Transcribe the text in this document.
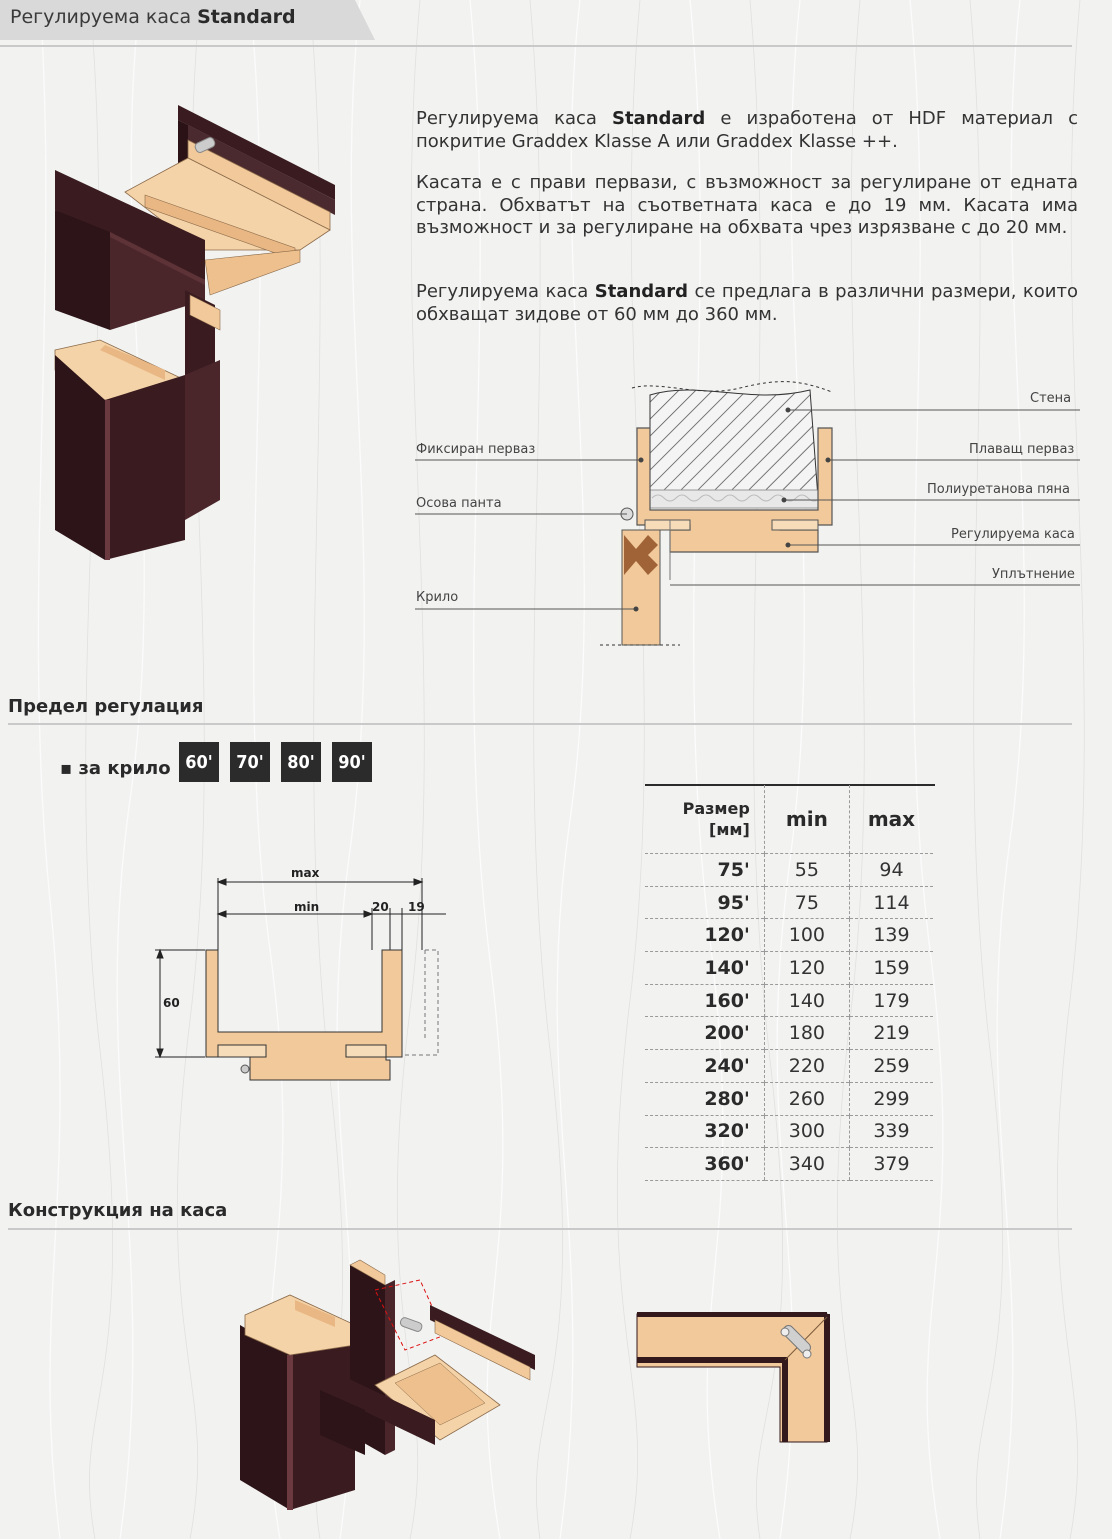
Регулируема каса Standard
Регулируема каса Standard е изработена от HDF материал с покритие Graddex Klasse A или Graddex Klasse ++.
Касата е с прави первази, с възможност за регулиране от едната страна. Обхватът на съответната каса е до 19 мм. Касата има възможност и за регулиране на обхвата чрез изрязване с до 20 мм.
Регулируема каса Standard се предлага в различни размери, които обхващат зидове от 60 мм до 360 мм.
Стена
Фиксиран перваз	Плаващ перваз
Полиуретанова пяна
Осова панта
Регулируема каса
Уплътнение
Крило
Предел регулация
▪ за крило 60'	70'	80'	90'
max
min	20 19
60
Размер
[мм]	min	max
75'	55	94
95'	75	114
120'	100	139
140'	120	159
160'	140	179
200'	180	219
240'	220	259
280'	260	299
320'	300	339
360'	340	379
Конструкция на каса
